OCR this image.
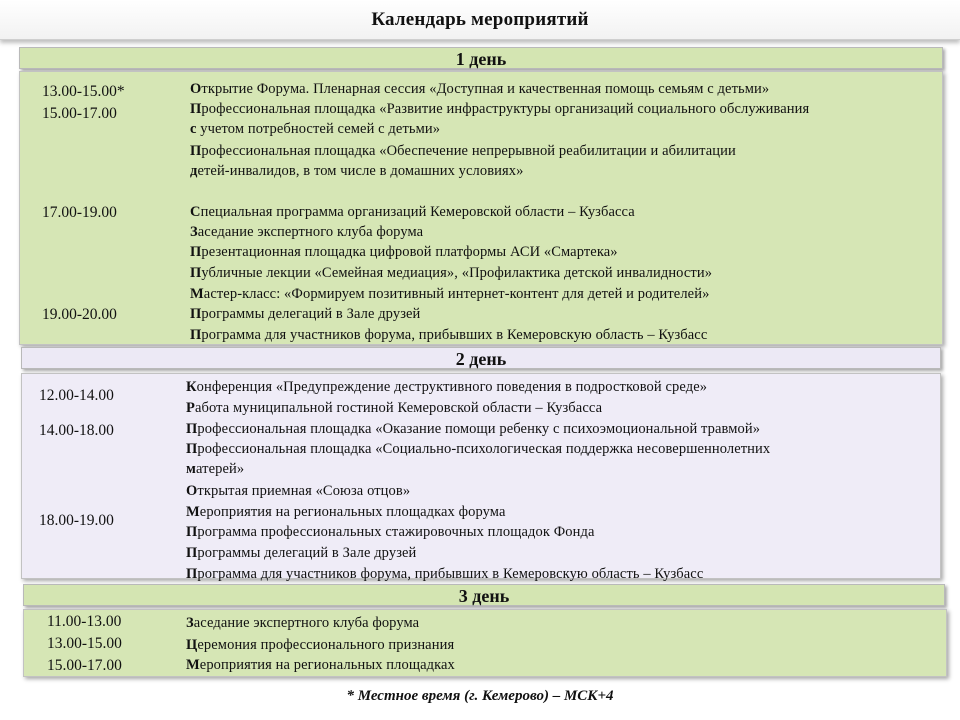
Календарь мероприятий
1 день
13.00-15.00*
15.00-17.00
17.00-19.00
19.00-20.00
Открытие Форума. Пленарная сессия «Доступная и качественная помощь семьям с детьми»
Профессиональная площадка «Развитие инфраструктуры организаций социального обслуживания
с учетом потребностей семей с детьми»
Профессиональная площадка «Обеспечение непрерывной реабилитации и абилитации
детей-инвалидов, в том числе в домашних условиях»
Специальная программа организаций Кемеровской области – Кузбасса
Заседание экспертного клуба форума
Презентационная площадка цифровой платформы АСИ «Смартека»
Публичные лекции «Семейная медиация», «Профилактика детской инвалидности»
Мастер-класс: «Формируем позитивный интернет-контент для детей и родителей»
Программы делегаций в Зале друзей
Программа для участников форума, прибывших в Кемеровскую область – Кузбасс
2 день
12.00-14.00
14.00-18.00
18.00-19.00
Конференция «Предупреждение деструктивного поведения в подростковой среде»
Работа муниципальной гостиной Кемеровской области – Кузбасса
Профессиональная площадка «Оказание помощи ребенку с психоэмоциональной травмой»
Профессиональная площадка «Социально-психологическая поддержка несовершеннолетних
матерей»
Открытая приемная «Союза отцов»
Мероприятия на региональных площадках форума
Программа профессиональных стажировочных площадок Фонда
Программы делегаций в Зале друзей
Программа для участников форума, прибывших в Кемеровскую область – Кузбасс
3 день
11.00-13.00
13.00-15.00
15.00-17.00
Заседание экспертного клуба форума
Церемония профессионального признания
Мероприятия на региональных площадках
* Местное время (г. Кемерово) – МСК+4
